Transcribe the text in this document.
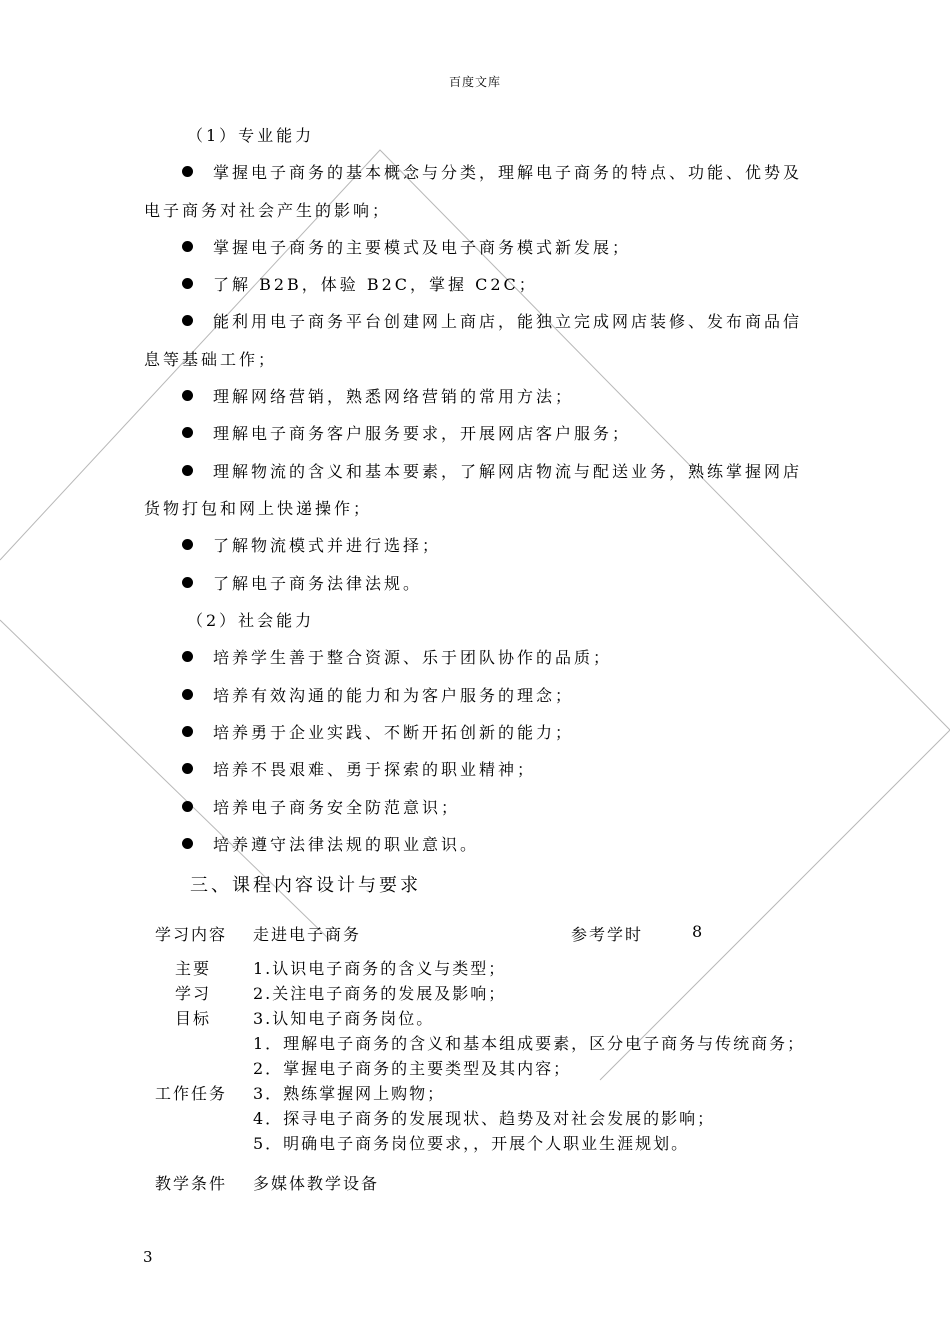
百度文库
（1）专业能力
掌握电子商务的基本概念与分类，理解电子商务的特点、功能、优势及
电子商务对社会产生的影响；
掌握电子商务的主要模式及电子商务模式新发展；
了解 B2B，体验 B2C，掌握 C2C；
能利用电子商务平台创建网上商店，能独立完成网店装修、发布商品信
息等基础工作；
理解网络营销，熟悉网络营销的常用方法；
理解电子商务客户服务要求，开展网店客户服务；
理解物流的含义和基本要素，了解网店物流与配送业务，熟练掌握网店
货物打包和网上快递操作；
了解物流模式并进行选择；
了解电子商务法律法规。
（2）社会能力
培养学生善于整合资源、乐于团队协作的品质；
培养有效沟通的能力和为客户服务的理念；
培养勇于企业实践、不断开拓创新的能力；
培养不畏艰难、勇于探索的职业精神；
培养电子商务安全防范意识；
培养遵守法律法规的职业意识。
三、课程内容设计与要求
学习内容 走进电子商务	参考学时	8
主要
学习
目标
1.认识电子商务的含义与类型；
2.关注电子商务的发展及影响；
3.认知电子商务岗位。
工作任务
1．理解电子商务的含义和基本组成要素，区分电子商务与传统商务；
2．掌握电子商务的主要类型及其内容；
3．熟练掌握网上购物；
4．探寻电子商务的发展现状、趋势及对社会发展的影响；
5．明确电子商务岗位要求，，开展个人职业生涯规划。
教学条件 多媒体教学设备
3
